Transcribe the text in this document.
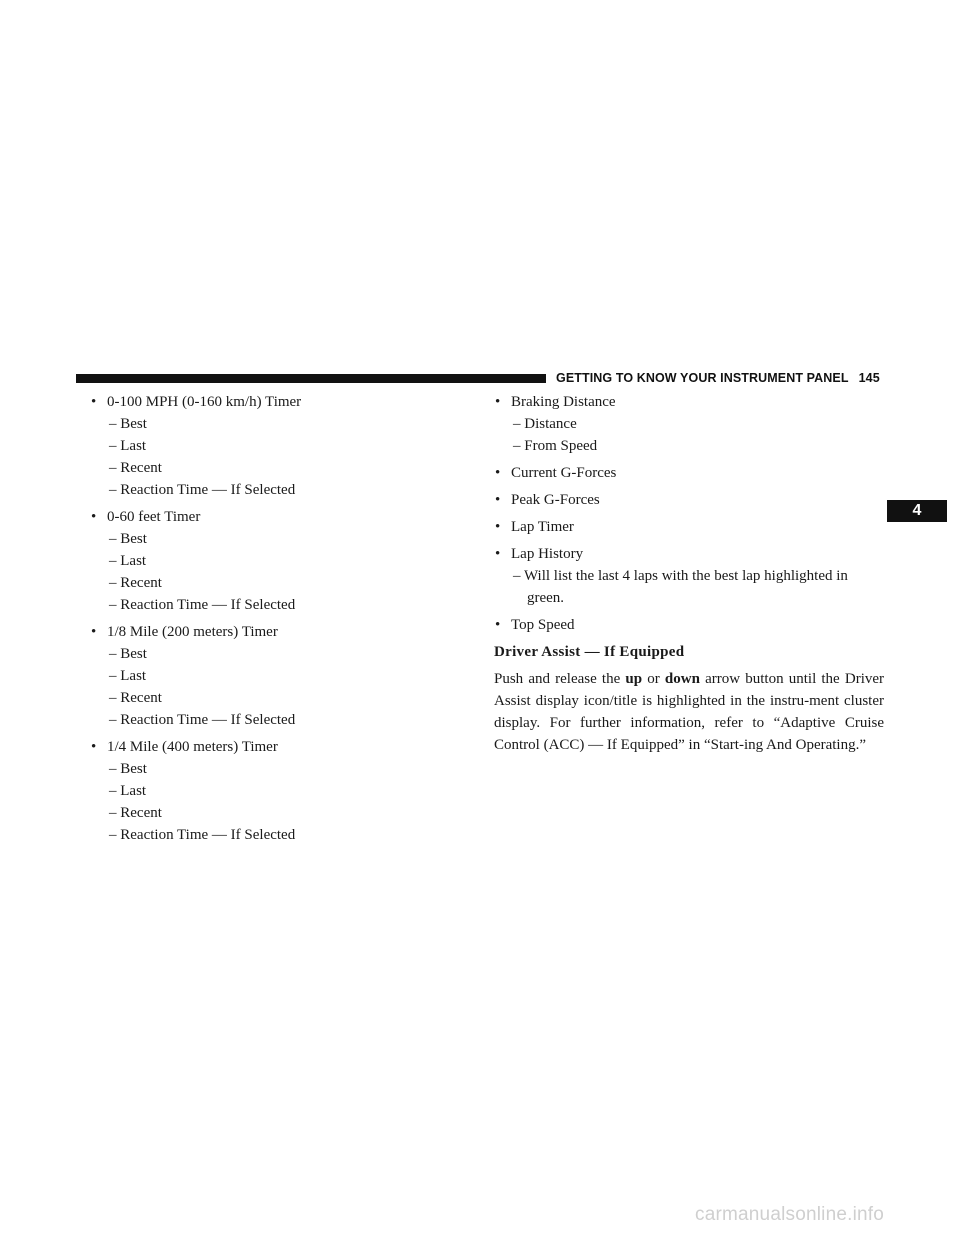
GETTING TO KNOW YOUR INSTRUMENT PANEL 145
4
• 0-100 MPH (0-160 km/h) Timer
– Best
– Last
– Recent
– Reaction Time — If Selected
• 0-60 feet Timer
– Best
– Last
– Recent
– Reaction Time — If Selected
• 1/8 Mile (200 meters) Timer
– Best
– Last
– Recent
– Reaction Time — If Selected
• 1/4 Mile (400 meters) Timer
– Best
– Last
– Recent
– Reaction Time — If Selected
• Braking Distance
– Distance
– From Speed
• Current G-Forces
• Peak G-Forces
• Lap Timer
• Lap History
– Will list the last 4 laps with the best lap highlighted in green.
• Top Speed
Driver Assist — If Equipped

Push and release the up or down arrow button until the Driver Assist display icon/title is highlighted in the instru-ment cluster display. For further information, refer to “Adaptive Cruise Control (ACC) — If Equipped” in “Start-ing And Operating.”

carmanualsonline.info
